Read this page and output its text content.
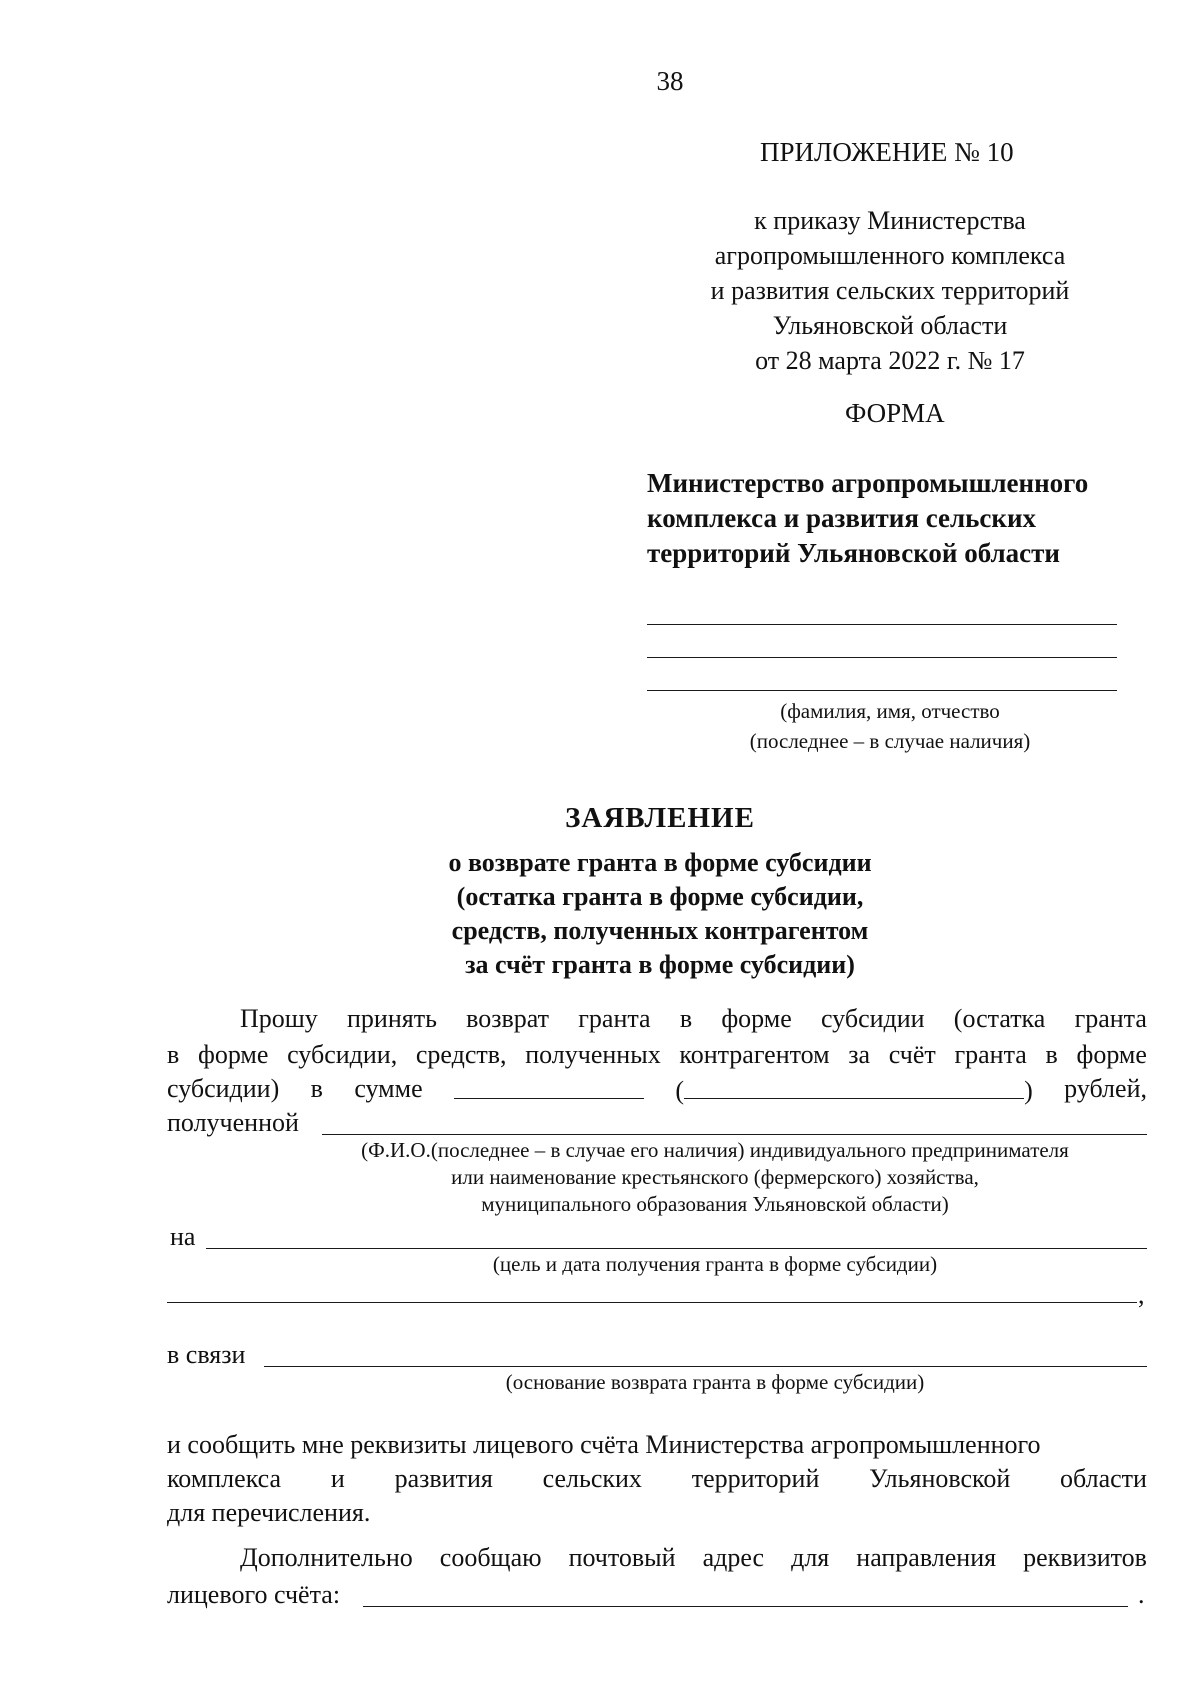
38
ПРИЛОЖЕНИЕ № 10
к приказу Министерства
агропромышленного комплекса
и развития сельских территорий
Ульяновской области
от 28 марта 2022 г. № 17
ФОРМА
Министерство агропромышленного
комплекса и развития сельских
территорий Ульяновской области
(фамилия, имя, отчество
(последнее – в случае наличия)
ЗАЯВЛЕНИЕ
о возврате гранта в форме субсидии
(остатка гранта в форме субсидии,
средств, полученных контрагентом
за счёт гранта в форме субсидии)
Прошу принять возврат гранта в форме субсидии (остатка гранта
в форме субсидии, средств, полученных контрагентом за счёт гранта в форме
субсидии) в сумме	(	) рублей,
полученной
(Ф.И.О.(последнее – в случае его наличия) индивидуального предпринимателя
или наименование крестьянского (фермерского) хозяйства,
муниципального образования Ульяновской области)
на
(цель и дата получения гранта в форме субсидии)
,
в связи
(основание возврата гранта в форме субсидии)
и сообщить мне реквизиты лицевого счёта Министерства агропромышленного
комплекса и развития сельских территорий Ульяновской области
для перечисления.
Дополнительно сообщаю почтовый адрес для направления реквизитов
лицевого счёта:	.
